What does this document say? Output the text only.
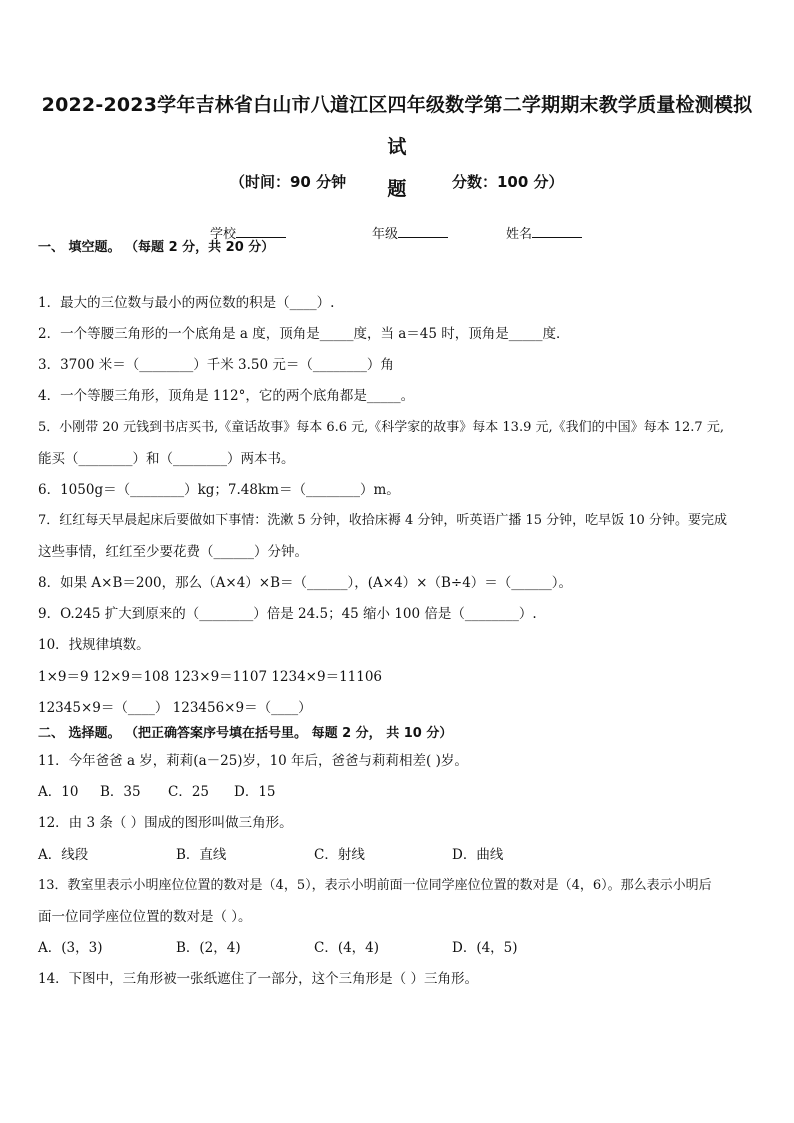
2022-2023学年吉林省白山市八道江区四年级数学第二学期期末教学质量检测模拟试
题
（时间：90 分钟	分数：100 分）
学校	年级	姓名
一、 填空题。 （每题 2 分，共 20 分）
1．最大的三位数与最小的两位数的积是（____）.
2．一个等腰三角形的一个底角是 a 度，顶角是_____度，当 a＝45 时，顶角是_____度．
3．3700 米＝（________）千米 3.50 元＝（________）角
4．一个等腰三角形，顶角是 112°，它的两个底角都是_____。
5．小刚带 20 元钱到书店买书,《童话故事》每本 6.6 元,《科学家的故事》每本 13.9 元,《我们的中国》每本 12.7 元,
能买（________）和（________）两本书。
6．1050g＝（________）kg；7.48km＝（________）m。
7．红红每天早晨起床后要做如下事情：洗漱 5 分钟，收拾床褥 4 分钟，听英语广播 15 分钟，吃早饭 10 分钟。要完成
这些事情，红红至少要花费（______）分钟。
8．如果 A×B＝200，那么（A×4）×B＝（______），(A×4）×（B÷4）＝（______）。
9．O.245 扩大到原来的（________）倍是 24.5；45 缩小 100 倍是（________）.
10．找规律填数。
1×9＝9 12×9＝108 123×9＝1107 1234×9＝11106
12345×9＝（____） 123456×9＝（____）
二、 选择题。 （把正确答案序号填在括号里。 每题 2 分， 共 10 分）
11．今年爸爸 a 岁，莉莉(a－25)岁，10 年后，爸爸与莉莉相差( )岁。
A．10 B．35 C．25 D．15
12．由 3 条（ ）围成的图形叫做三角形。
A．线段	B．直线	C．射线	D．曲线
13．教室里表示小明座位位置的数对是（4，5），表示小明前面一位同学座位位置的数对是（4，6）。那么表示小明后
面一位同学座位位置的数对是（ ）。
A．(3，3)	B．(2，4)	C．(4，4)	D．(4，5)
14．下图中，三角形被一张纸遮住了一部分，这个三角形是（ ）三角形。
